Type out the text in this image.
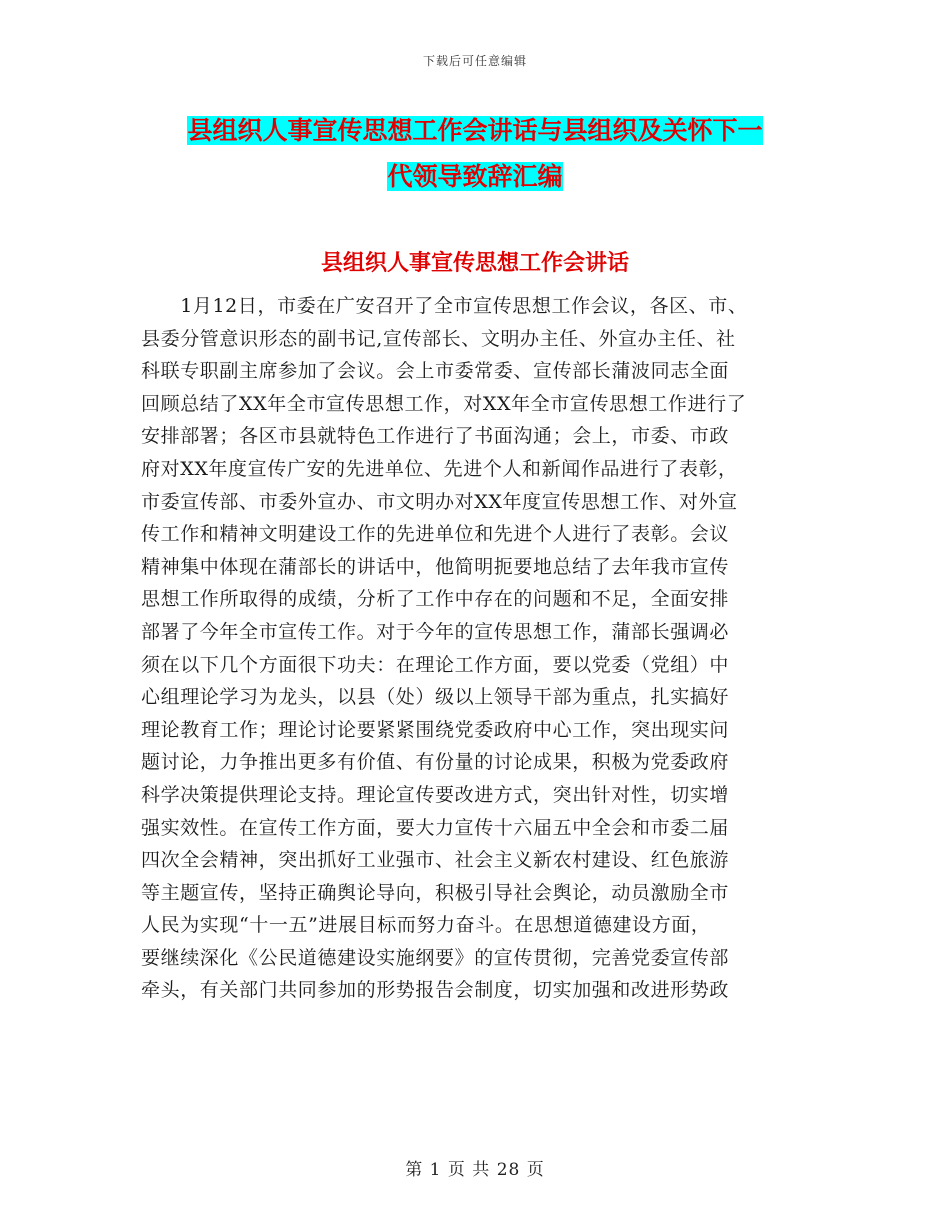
下载后可任意编辑
县组织人事宣传思想工作会讲话与县组织及关怀下一
代领导致辞汇编
县组织人事宣传思想工作会讲话
　　1月12日，市委在广安召开了全市宣传思想工作会议，各区、市、
县委分管意识形态的副书记,宣传部长、文明办主任、外宣办主任、社
科联专职副主席参加了会议。会上市委常委、宣传部长蒲波同志全面
回顾总结了XX年全市宣传思想工作，对XX年全市宣传思想工作进行了
安排部署；各区市县就特色工作进行了书面沟通；会上，市委、市政
府对XX年度宣传广安的先进单位、先进个人和新闻作品进行了表彰，
市委宣传部、市委外宣办、市文明办对XX年度宣传思想工作、对外宣
传工作和精神文明建设工作的先进单位和先进个人进行了表彰。会议
精神集中体现在蒲部长的讲话中，他简明扼要地总结了去年我市宣传
思想工作所取得的成绩，分析了工作中存在的问题和不足，全面安排
部署了今年全市宣传工作。对于今年的宣传思想工作，蒲部长强调必
须在以下几个方面很下功夫：在理论工作方面，要以党委（党组）中
心组理论学习为龙头，以县（处）级以上领导干部为重点，扎实搞好
理论教育工作；理论讨论要紧紧围绕党委政府中心工作，突出现实问
题讨论，力争推出更多有价值、有份量的讨论成果，积极为党委政府
科学决策提供理论支持。理论宣传要改进方式，突出针对性，切实增
强实效性。在宣传工作方面，要大力宣传十六届五中全会和市委二届
四次全会精神，突出抓好工业强市、社会主义新农村建设、红色旅游
等主题宣传，坚持正确舆论导向，积极引导社会舆论，动员激励全市
人民为实现“十一五”进展目标而努力奋斗。在思想道德建设方面，
要继续深化《公民道德建设实施纲要》的宣传贯彻，完善党委宣传部
牵头，有关部门共同参加的形势报告会制度，切实加强和改进形势政
第 1 页 共 28 页
